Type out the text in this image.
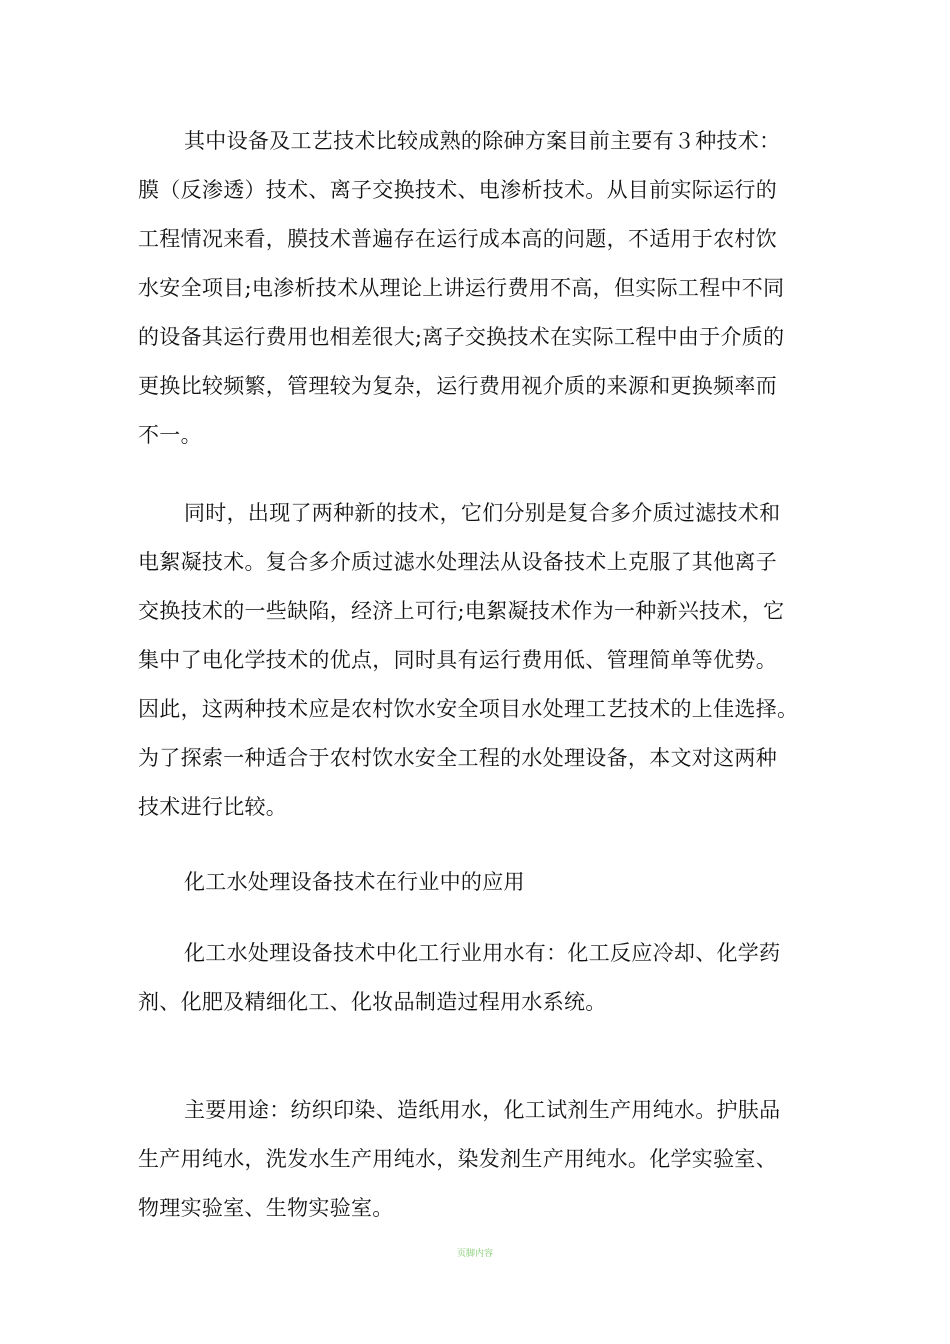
其中设备及工艺技术比较成熟的除砷方案目前主要有３种技术：
膜（反渗透）技术、离子交换技术、电渗析技术。从目前实际运行的
工程情况来看，膜技术普遍存在运行成本高的问题，不适用于农村饮
水安全项目;电渗析技术从理论上讲运行费用不高，但实际工程中不同
的设备其运行费用也相差很大;离子交换技术在实际工程中由于介质的
更换比较频繁，管理较为复杂，运行费用视介质的来源和更换频率而
不一。
同时，出现了两种新的技术，它们分别是复合多介质过滤技术和
电絮凝技术。复合多介质过滤水处理法从设备技术上克服了其他离子
交换技术的一些缺陷，经济上可行;电絮凝技术作为一种新兴技术，它
集中了电化学技术的优点，同时具有运行费用低、管理简单等优势。
因此，这两种技术应是农村饮水安全项目水处理工艺技术的上佳选择。
为了探索一种适合于农村饮水安全工程的水处理设备，本文对这两种
技术进行比较。
化工水处理设备技术在行业中的应用
化工水处理设备技术中化工行业用水有：化工反应冷却、化学药
剂、化肥及精细化工、化妆品制造过程用水系统。
主要用途：纺织印染、造纸用水，化工试剂生产用纯水。护肤品
生产用纯水，洗发水生产用纯水，染发剂生产用纯水。化学实验室、
物理实验室、生物实验室。
页脚内容
